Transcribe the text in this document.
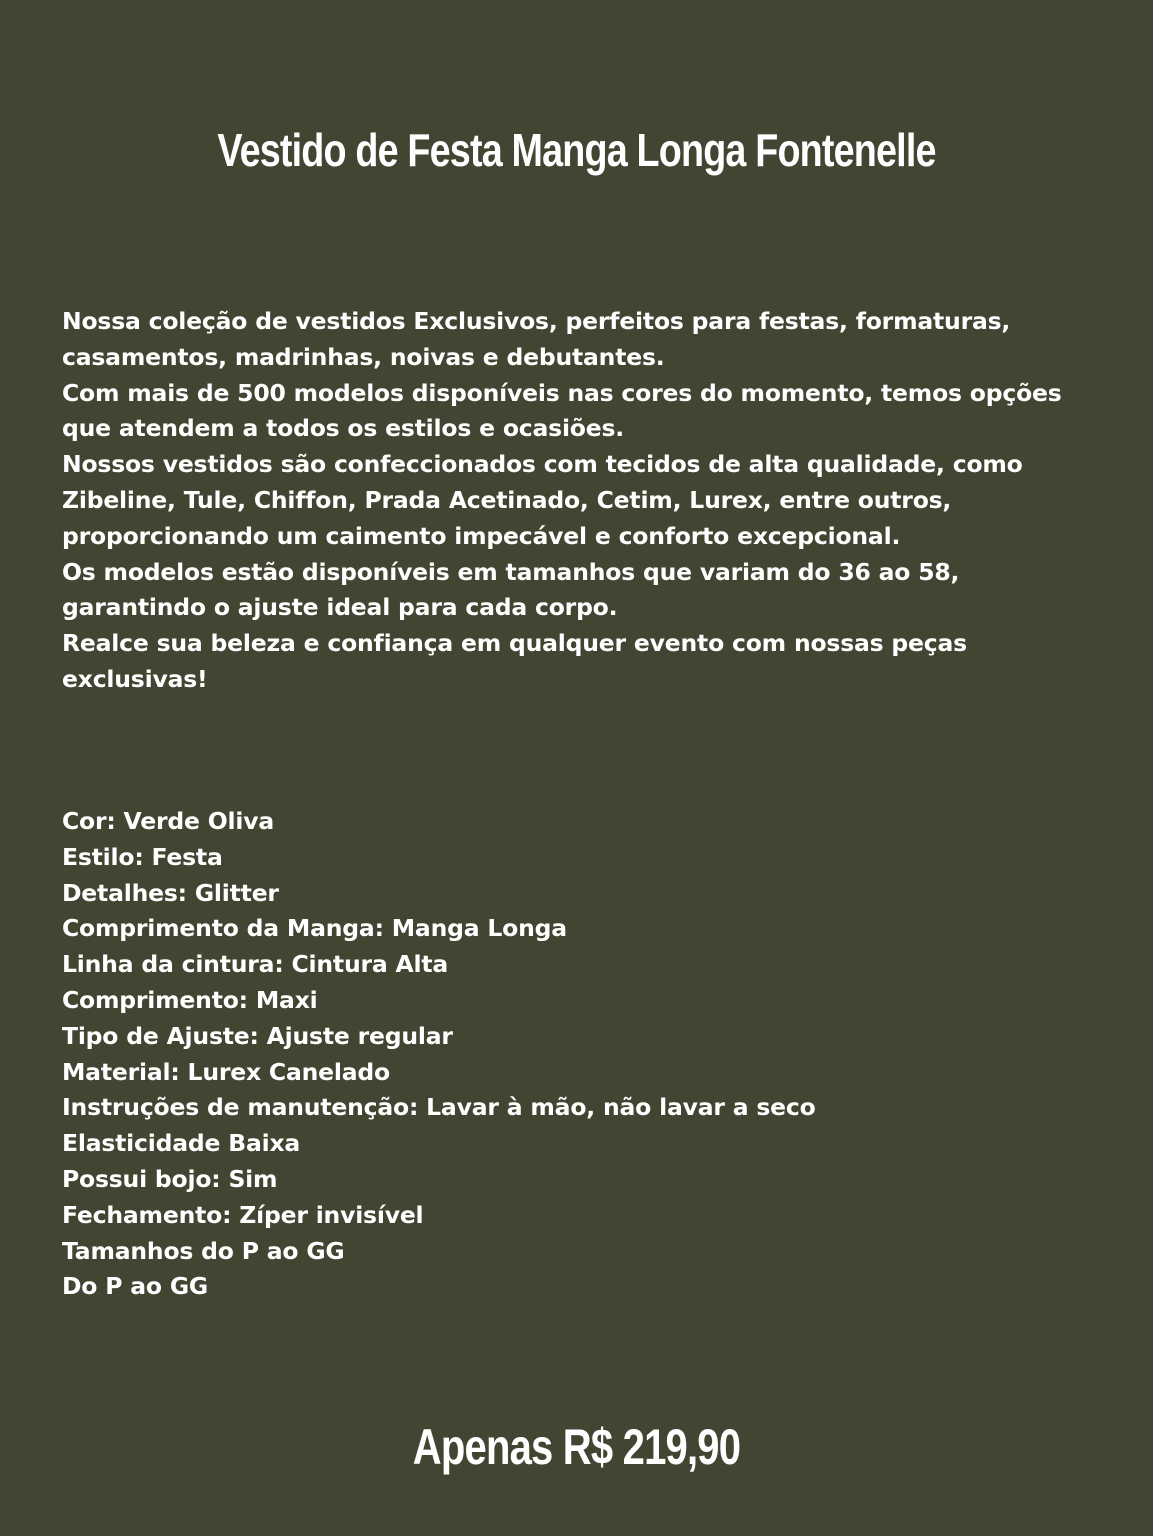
Vestido de Festa Manga Longa Fontenelle

Nossa coleção de vestidos Exclusivos, perfeitos para festas, formaturas, casamentos, madrinhas, noivas e debutantes.

Com mais de 500 modelos disponíveis nas cores do momento, temos opções que atendem a todos os estilos e ocasiões.

Nossos vestidos são confeccionados com tecidos de alta qualidade, como Zibeline, Tule, Chiffon, Prada Acetinado, Cetim, Lurex, entre outros, proporcionando um caimento impecável e conforto excepcional.

Os modelos estão disponíveis em tamanhos que variam do 36 ao 58, garantindo o ajuste ideal para cada corpo.

Realce sua beleza e confiança em qualquer evento com nossas peças exclusivas!

Cor: Verde Oliva
Estilo: Festa
Detalhes: Glitter
Comprimento da Manga: Manga Longa
Linha da cintura: Cintura Alta
Comprimento: Maxi
Tipo de Ajuste: Ajuste regular
Material: Lurex Canelado
Instruções de manutenção: Lavar à mão, não lavar a seco
Elasticidade Baixa
Possui bojo: Sim
Fechamento: Zíper invisível
Tamanhos do P ao GG
Do P ao GG
Apenas R$ 219,90
